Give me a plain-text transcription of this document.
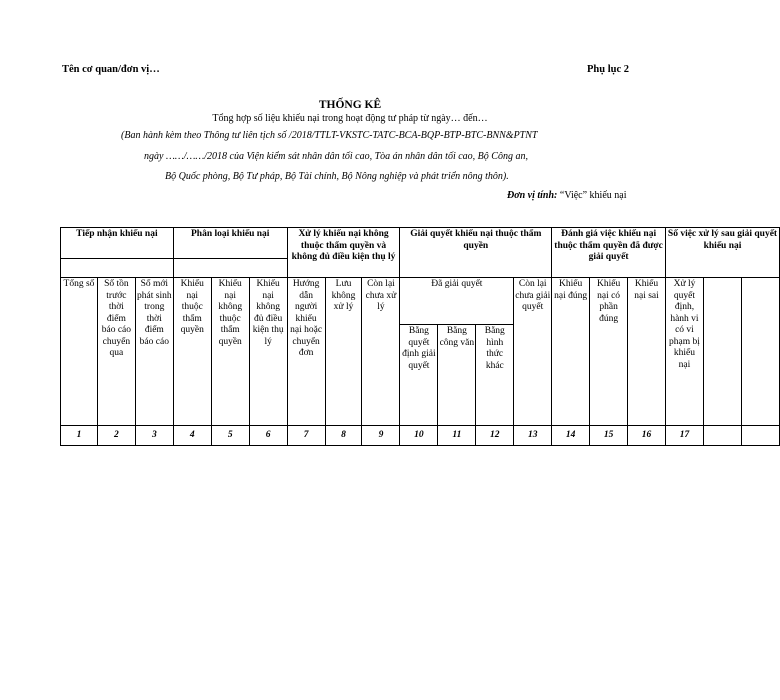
Tên cơ quan/đơn vị…	Phụ lục 2
THỐNG KÊ
Tổng hợp số liệu khiếu nại trong hoạt động tư pháp từ ngày… đến…
(Ban hành kèm theo Thông tư liên tịch số /2018/TTLT-VKSTC-TATC-BCA-BQP-BTP-BTC-BNN&PTNT
ngày ……/……/2018 của Viện kiểm sát nhân dân tối cao, Tòa án nhân dân tối cao, Bộ Công an,
Bộ Quốc phòng, Bộ Tư pháp, Bộ Tài chính, Bộ Nông nghiệp và phát triển nông thôn).
Đơn vị tính: “Việc” khiếu nại
Tiếp nhận khiếu nại			Phân loại khiếu nại			Xử lý khiếu nại không thuộc thẩm quyền và không đủ điều kiện thụ lý			Giải quyết khiếu nại thuộc thẩm quyền				Đánh giá việc khiếu nại thuộc thẩm quyền đã được giải quyết			Số việc xử lý sau giải quyết khiếu nại		

Tổng số	Số tồn trước thời điểm báo cáo chuyển qua	Số mới phát sinh trong thời điểm báo cáo	Khiếu nại thuộc thẩm quyền	Khiếu nại không thuộc thẩm quyền	Khiếu nại không đủ điều kiện thụ lý	Hướng dẫn người khiếu nại hoặc chuyển đơn	Lưu không xử lý	Còn lại chưa xử lý	Đã giải quyết			Còn lại chưa giải quyết	Khiếu nại đúng	Khiếu nại có phần đúng	Khiếu nại sai	Xử lý quyết định, hành vi có vi phạm bị khiếu nại		
									Bằng quyết định giải quyết	Bằng công văn	Bằng hình thức khác							
1	2	3	4	5	6	7	8	9	10	11	12	13	14	15	16	17		
